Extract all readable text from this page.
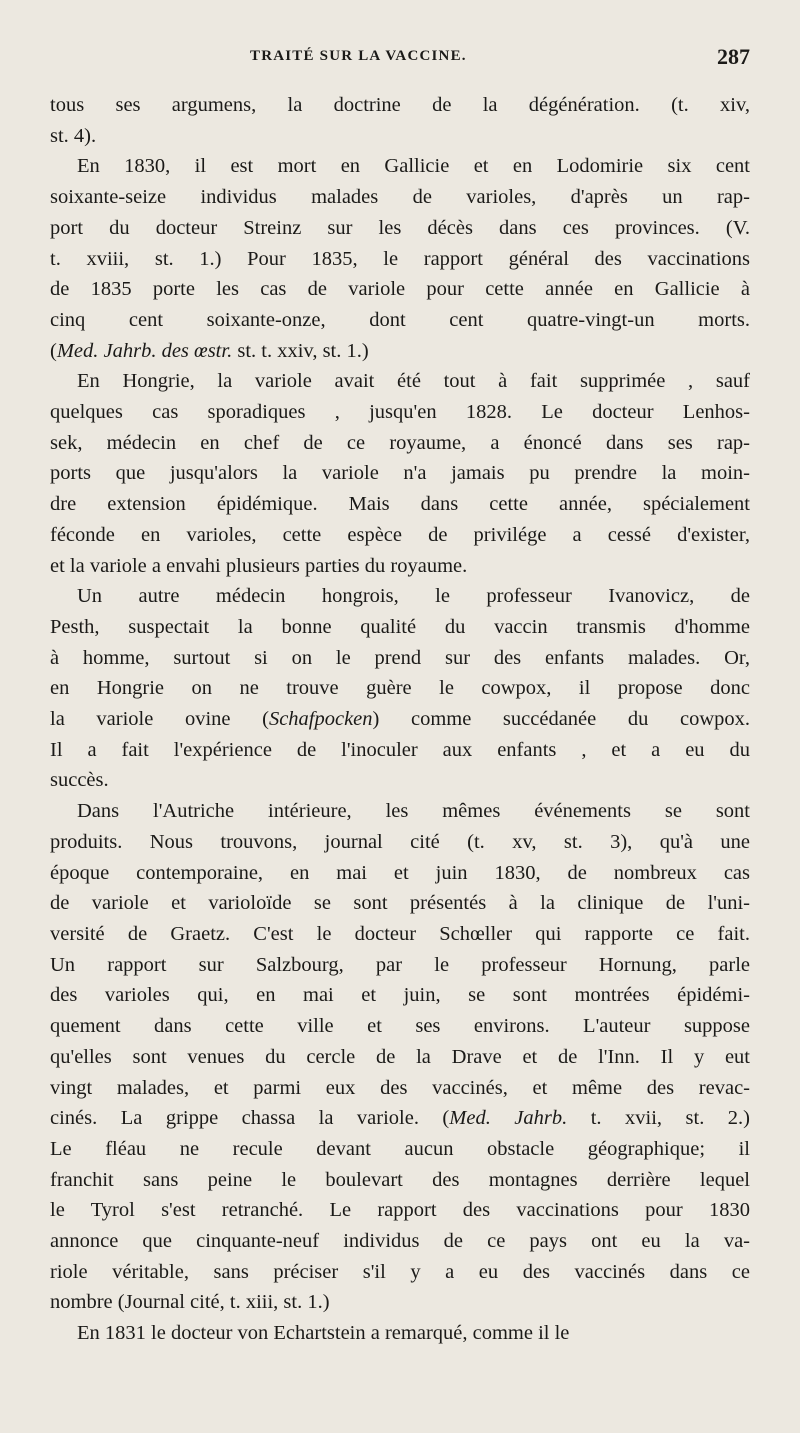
TRAITÉ SUR LA VACCINE.	287
tous ses argumens, la doctrine de la dégénération. (t. xiv,
st. 4).
En 1830, il est mort en Gallicie et en Lodomirie six cent
soixante-seize individus malades de varioles, d'après un rap-
port du docteur Streinz sur les décès dans ces provinces. (V.
t. xviii, st. 1.) Pour 1835, le rapport général des vaccinations
de 1835 porte les cas de variole pour cette année en Gallicie à
cinq cent soixante-onze, dont cent quatre-vingt-un morts.
(Med. Jahrb. des œstr. st. t. xxiv, st. 1.)
En Hongrie, la variole avait été tout à fait supprimée , sauf
quelques cas sporadiques , jusqu'en 1828. Le docteur Lenhos-
sek, médecin en chef de ce royaume, a énoncé dans ses rap-
ports que jusqu'alors la variole n'a jamais pu prendre la moin-
dre extension épidémique. Mais dans cette année, spécialement
féconde en varioles, cette espèce de privilége a cessé d'exister,
et la variole a envahi plusieurs parties du royaume.
Un autre médecin hongrois, le professeur Ivanovicz, de
Pesth, suspectait la bonne qualité du vaccin transmis d'homme
à homme, surtout si on le prend sur des enfants malades. Or,
en Hongrie on ne trouve guère le cowpox, il propose donc
la variole ovine (Schafpocken) comme succédanée du cowpox.
Il a fait l'expérience de l'inoculer aux enfants , et a eu du
succès.
Dans l'Autriche intérieure, les mêmes événements se sont
produits. Nous trouvons, journal cité (t. xv, st. 3), qu'à une
époque contemporaine, en mai et juin 1830, de nombreux cas
de variole et varioloïde se sont présentés à la clinique de l'uni-
versité de Graetz. C'est le docteur Schœller qui rapporte ce fait.
Un rapport sur Salzbourg, par le professeur Hornung, parle
des varioles qui, en mai et juin, se sont montrées épidémi-
quement dans cette ville et ses environs. L'auteur suppose
qu'elles sont venues du cercle de la Drave et de l'Inn. Il y eut
vingt malades, et parmi eux des vaccinés, et même des revac-
cinés. La grippe chassa la variole. (Med. Jahrb. t. xvii, st. 2.)
Le fléau ne recule devant aucun obstacle géographique; il
franchit sans peine le boulevart des montagnes derrière lequel
le Tyrol s'est retranché. Le rapport des vaccinations pour 1830
annonce que cinquante-neuf individus de ce pays ont eu la va-
riole véritable, sans préciser s'il y a eu des vaccinés dans ce
nombre (Journal cité, t. xiii, st. 1.)
En 1831 le docteur von Echartstein a remarqué, comme il le
